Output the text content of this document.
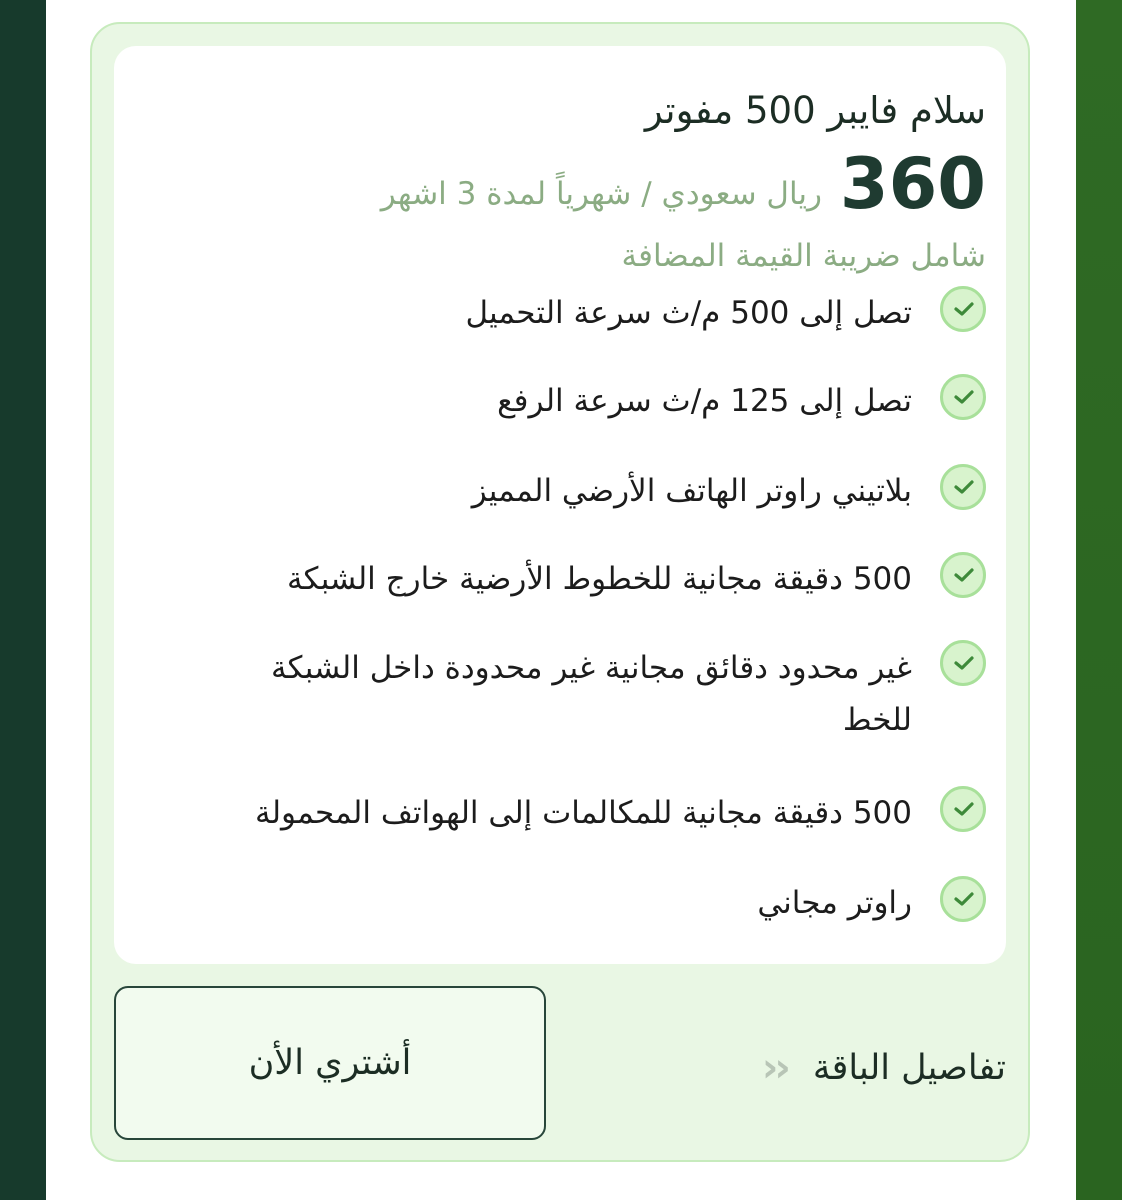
سلام فايبر 500 مفوتر
360
ريال سعودي / شهرياً لمدة 3 اشهر
شامل ضريبة القيمة المضافة
تصل إلى 500 م/ث سرعة التحميل
تصل إلى 125 م/ث سرعة الرفع
بلاتيني راوتر الهاتف الأرضي المميز
500 دقيقة مجانية للخطوط الأرضية خارج الشبكة
غير محدود دقائق مجانية غير محدودة داخل الشبكة للخط
500 دقيقة مجانية للمكالمات إلى الهواتف المحمولة
راوتر مجاني
أشتري الأن	تفاصيل الباقة
‹‹
